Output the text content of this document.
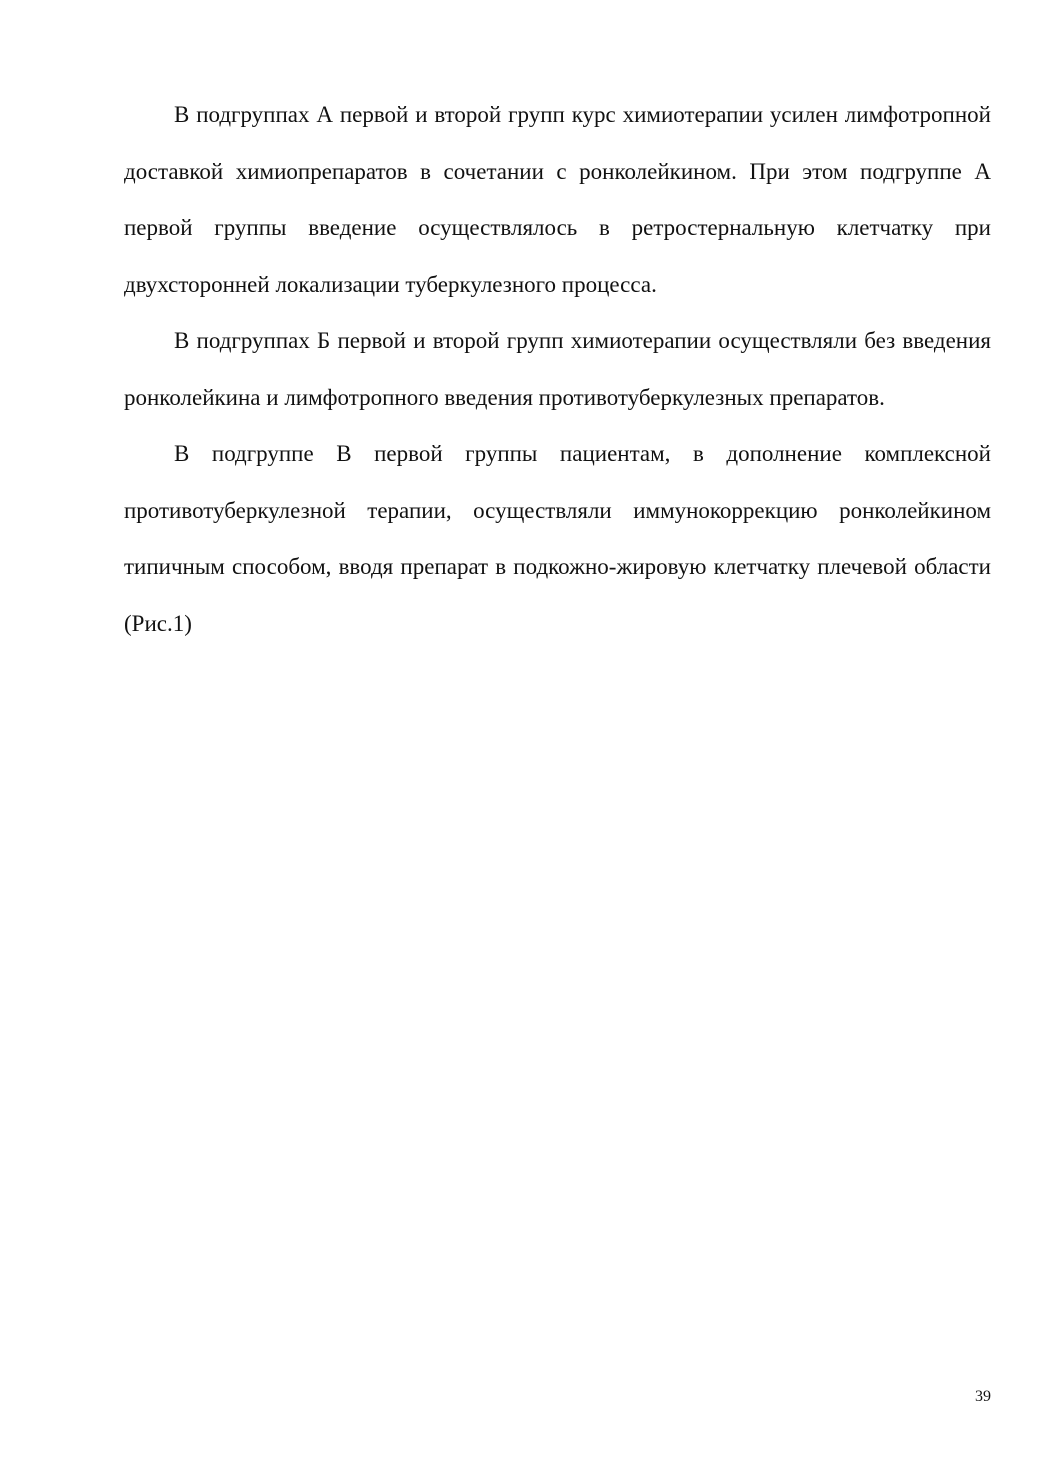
В подгруппах А первой и второй групп курс химиотерапии усилен лимфотропной доставкой химиопрепаратов в сочетании с ронколейкином. При этом подгруппе А первой группы введение осуществлялось в ретростернальную клетчатку при двухсторонней локализации туберкулезного процесса.

В подгруппах Б первой и второй групп химиотерапии осуществляли без введения ронколейкина и лимфотропного введения противотуберкулезных препаратов.

В подгруппе В первой группы пациентам, в дополнение комплексной противотуберкулезной терапии, осуществляли иммунокоррекцию ронколейкином типичным способом, вводя препарат в подкожно-жировую клетчатку плечевой области (Рис.1)

39
